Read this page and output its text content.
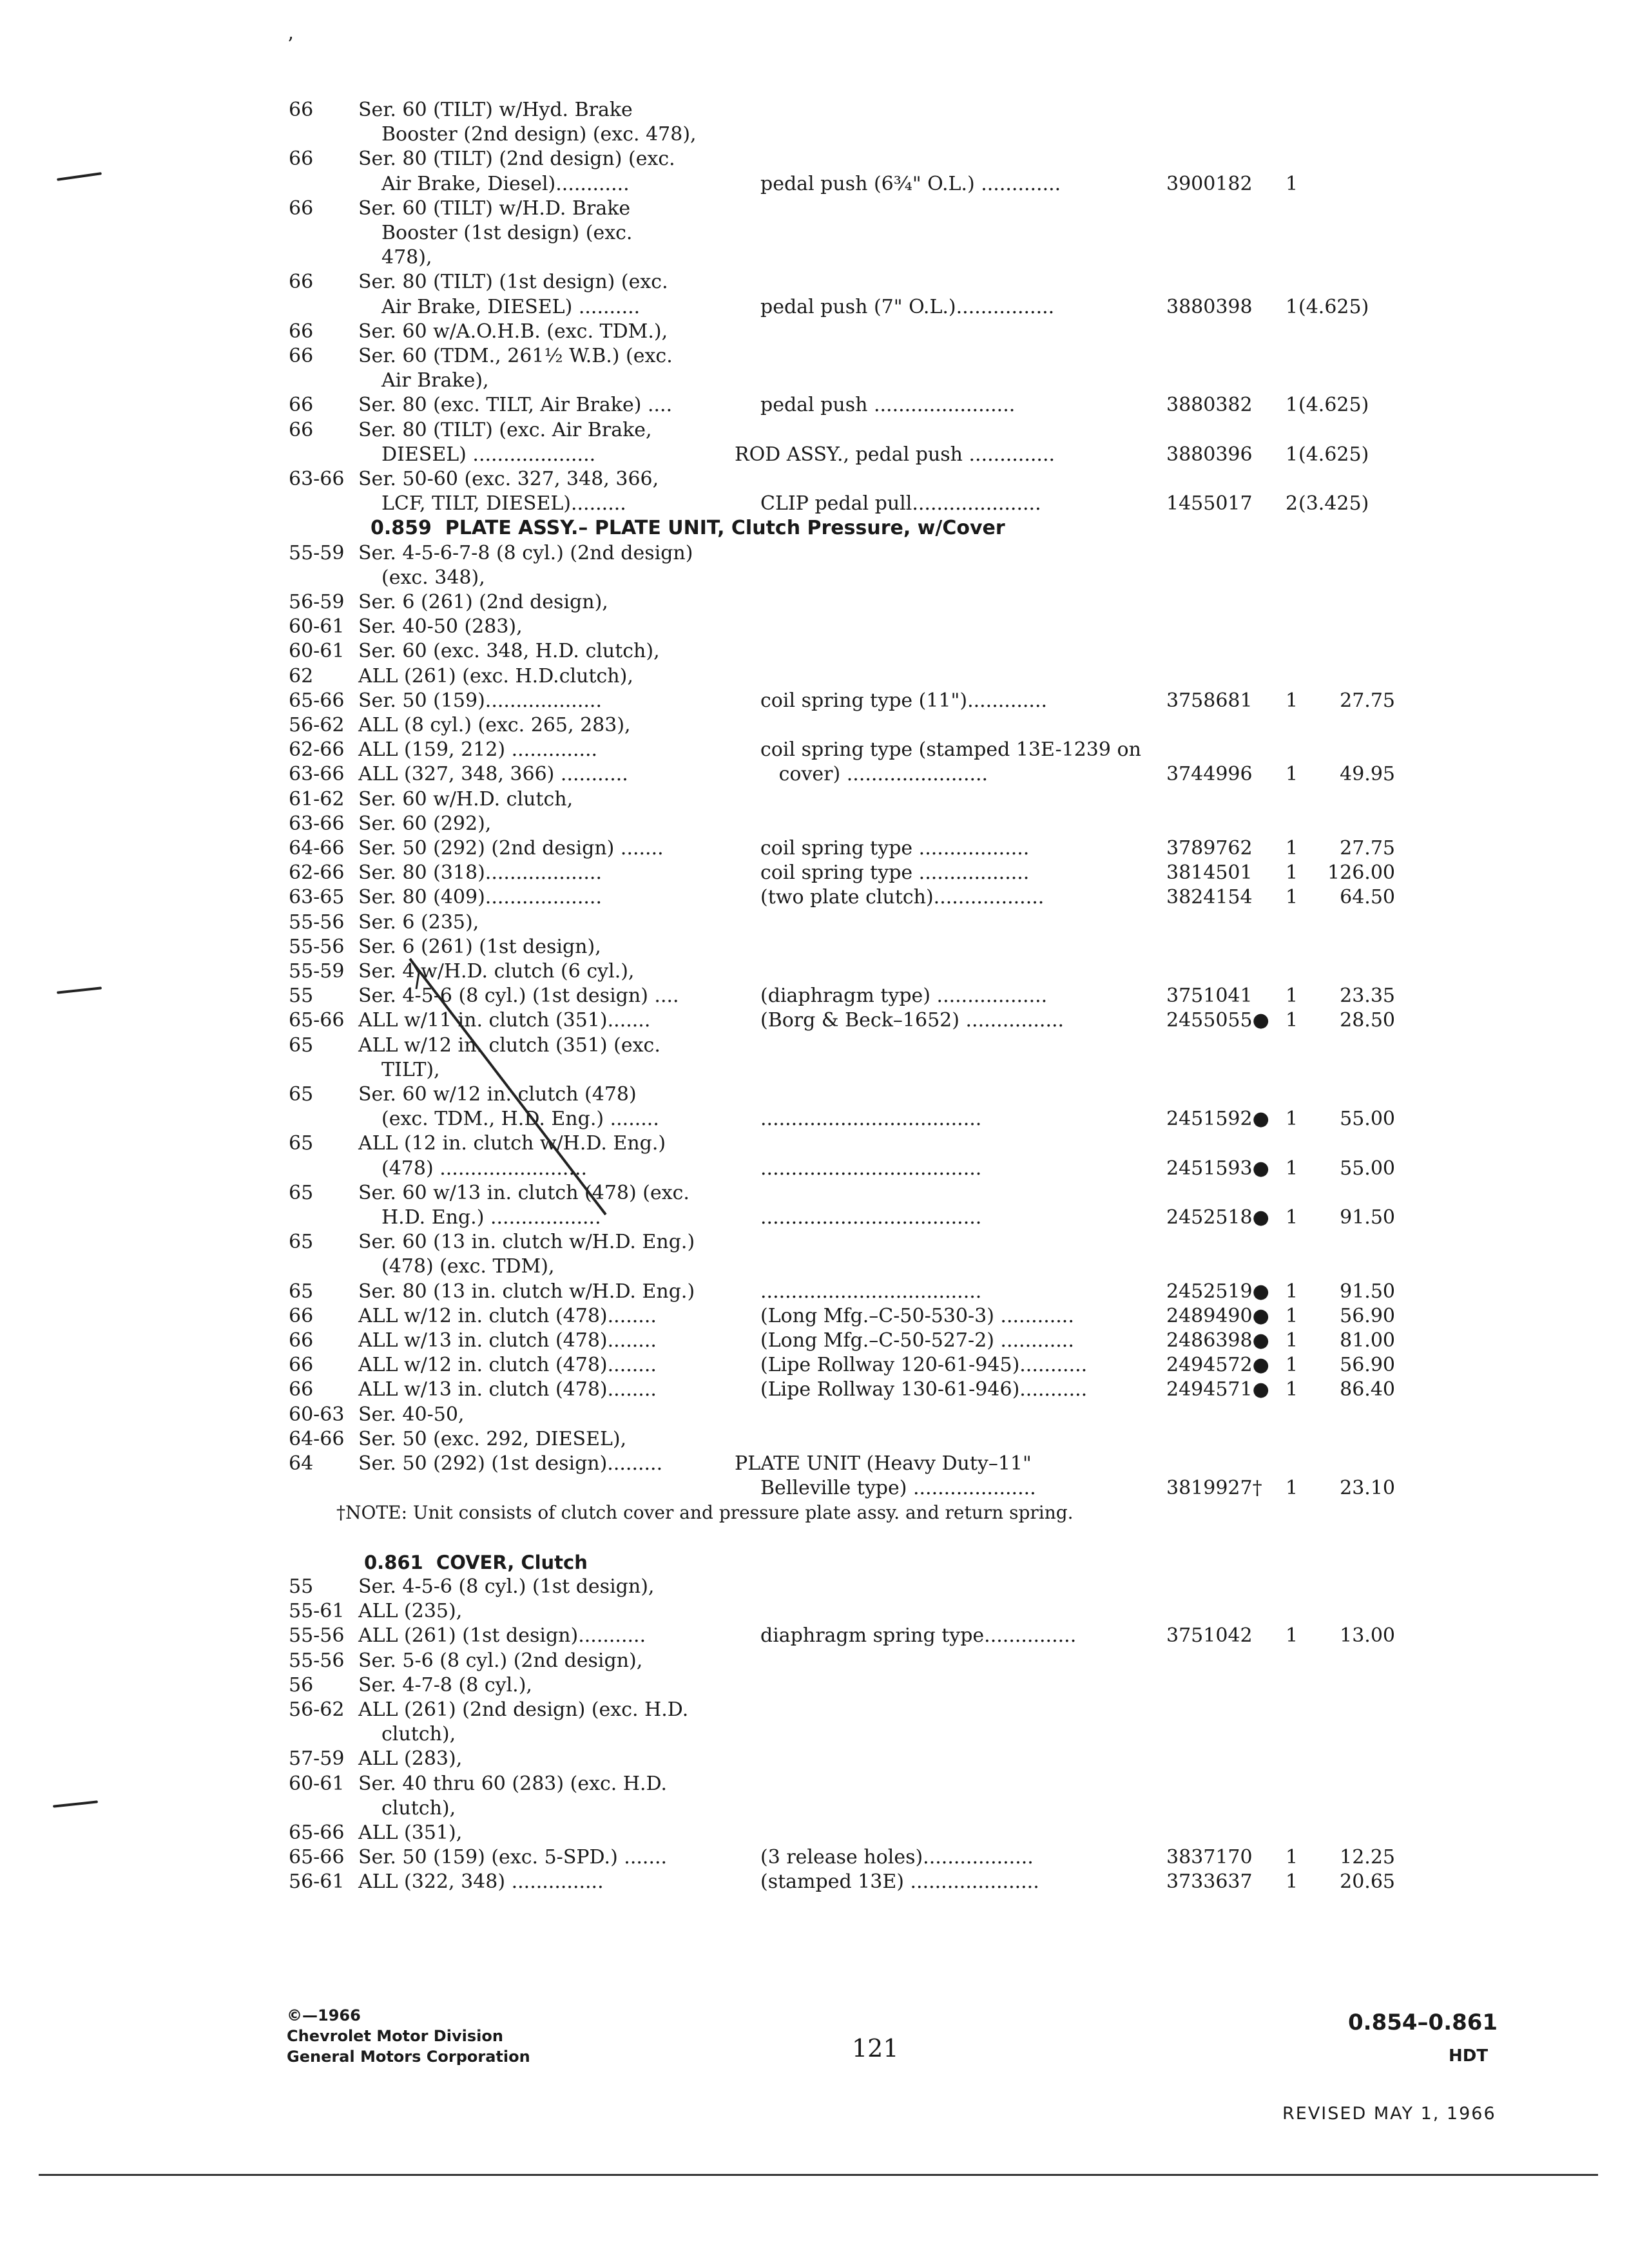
66 Ser. 60 (TILT) w/Hyd. Brake
Booster (2nd design) (exc. 478),
66 Ser. 80 (TILT) (2nd design) (exc.
Air Brake, Diesel)............	pedal push (6¾" O.L.) .............	3900182 1
66 Ser. 60 (TILT) w/H.D. Brake
Booster (1st design) (exc.
478),
66 Ser. 80 (TILT) (1st design) (exc.
Air Brake, DIESEL) ..........	pedal push (7" O.L.)................	3880398 1 (4.625)
66 Ser. 60 w/A.O.H.B. (exc. TDM.),
66 Ser. 60 (TDM., 261½ W.B.) (exc.
Air Brake),
66 Ser. 80 (exc. TILT, Air Brake) ....	pedal push .......................	3880382 1 (4.625)
66 Ser. 80 (TILT) (exc. Air Brake,
DIESEL) ....................	ROD ASSY., pedal push ..............	3880396 1 (4.625)
63-66 Ser. 50-60 (exc. 327, 348, 366,
LCF, TILT, DIESEL).........	CLIP pedal pull.....................	1455017 2 (3.425)
0.859  PLATE ASSY.– PLATE UNIT, Clutch Pressure, w/Cover
55-59 Ser. 4-5-6-7-8 (8 cyl.) (2nd design)
(exc. 348),
56-59 Ser. 6 (261) (2nd design),
60-61 Ser. 40-50 (283),
60-61 Ser. 60 (exc. 348, H.D. clutch),
62 ALL (261) (exc. H.D.clutch),
65-66 Ser. 50 (159)...................	coil spring type (11").............	3758681 1	27.75
56-62 ALL (8 cyl.) (exc. 265, 283),
62-66 ALL (159, 212) ..............	coil spring type (stamped 13E-1239 on
63-66 ALL (327, 348, 366) ...........	cover) .......................	3744996 1	49.95
61-62 Ser. 60 w/H.D. clutch,
63-66 Ser. 60 (292),
64-66 Ser. 50 (292) (2nd design) .......	coil spring type ..................	3789762 1	27.75
62-66 Ser. 80 (318)...................	coil spring type ..................	3814501 1	126.00
63-65 Ser. 80 (409)...................	(two plate clutch)..................	3824154 1	64.50
55-56 Ser. 6 (235),
55-56 Ser. 6 (261) (1st design),
55-59 Ser. 4 w/H.D. clutch (6 cyl.),
55 Ser. 4-5-6 (8 cyl.) (1st design) ....	(diaphragm type) ..................	3751041 1	23.35
65-66 ALL w/11 in. clutch (351).......	(Borg & Beck–1652) ................	2455055● 1	28.50
65 ALL w/12 in. clutch (351) (exc.
TILT),
65 Ser. 60 w/12 in. clutch (478)
(exc. TDM., H.D. Eng.) ........	....................................	2451592● 1	55.00
65 ALL (12 in. clutch w/H.D. Eng.)
(478) ........................	....................................	2451593● 1	55.00
65 Ser. 60 w/13 in. clutch (478) (exc.
H.D. Eng.) ..................	....................................	2452518● 1	91.50
65 Ser. 60 (13 in. clutch w/H.D. Eng.)
(478) (exc. TDM),
65 Ser. 80 (13 in. clutch w/H.D. Eng.)	....................................	2452519● 1	91.50
66 ALL w/12 in. clutch (478)........	(Long Mfg.–C-50-530-3) ............	2489490● 1	56.90
66 ALL w/13 in. clutch (478)........	(Long Mfg.–C-50-527-2) ............	2486398● 1	81.00
66 ALL w/12 in. clutch (478)........	(Lipe Rollway 120-61-945)...........	2494572● 1	56.90
66 ALL w/13 in. clutch (478)........	(Lipe Rollway 130-61-946)...........	2494571● 1	86.40
60-63 Ser. 40-50,
64-66 Ser. 50 (exc. 292, DIESEL),
64 Ser. 50 (292) (1st design).........	PLATE UNIT (Heavy Duty–11"
Belleville type) ....................	3819927† 1	23.10
†NOTE: Unit consists of clutch cover and pressure plate assy. and return spring.
0.861  COVER, Clutch
55 Ser. 4-5-6 (8 cyl.) (1st design),
55-61 ALL (235),
55-56 ALL (261) (1st design)...........	diaphragm spring type...............	3751042 1	13.00
55-56 Ser. 5-6 (8 cyl.) (2nd design),
56 Ser. 4-7-8 (8 cyl.),
56-62 ALL (261) (2nd design) (exc. H.D.
clutch),
57-59 ALL (283),
60-61 Ser. 40 thru 60 (283) (exc. H.D.
clutch),
65-66 ALL (351),
65-66 Ser. 50 (159) (exc. 5-SPD.) .......	(3 release holes)..................	3837170 1	12.25
56-61 ALL (322, 348) ...............	(stamped 13E) .....................	3733637 1	20.65
©—1966
Chevrolet Motor Division
General Motors Corporation	121
0.854–0.861
HDT
REVISED MAY 1, 1966
’
